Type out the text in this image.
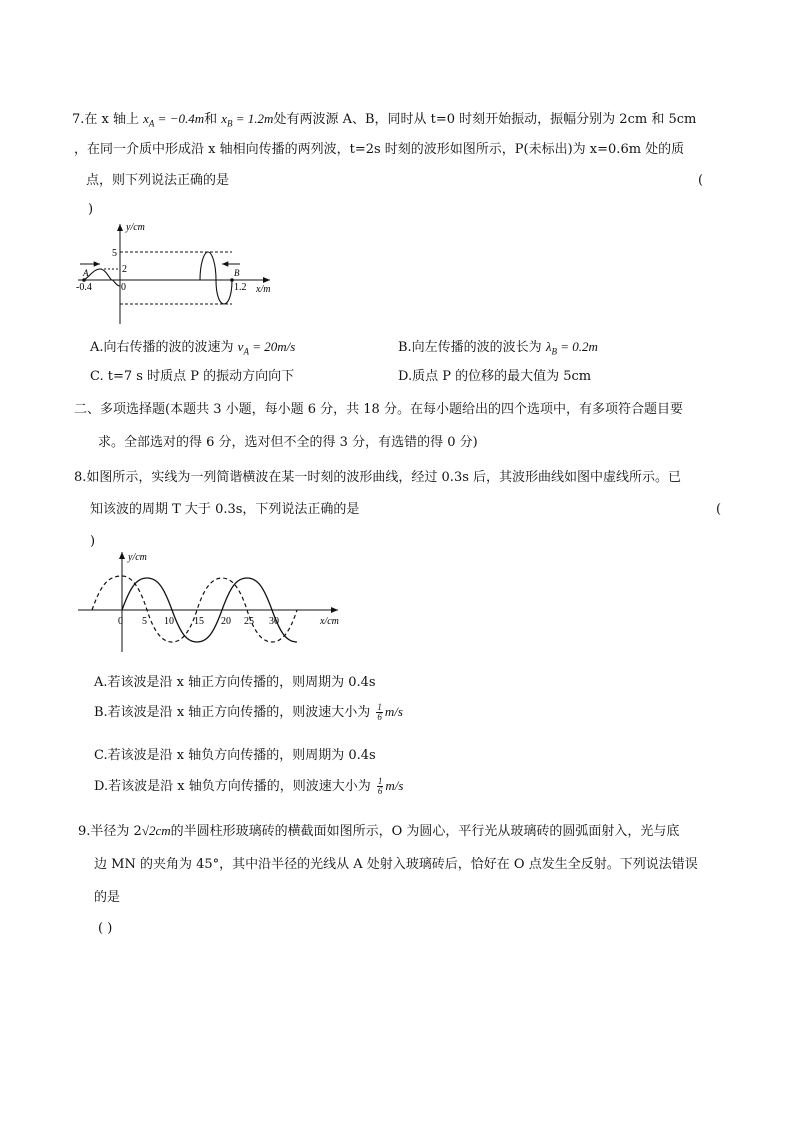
7.在 x 轴上 $x_A = -0.4m$和 $x_B = 1.2m$处有两波源 A、B，同时从 t=0 时刻开始振动，振幅分别为 2cm 和 5cm
，在同一介质中形成沿 x 轴相向传播的两列波，t=2s 时刻的波形如图所示，P(未标出)为 x=0.6m 处的质
点，则下列说法正确的是	(
)
y/cm
x/m
5
2
0
-0.4	1.2
A	B
A.向右传播的波的波速为 $v_A = 20m/s$	B.向左传播的波的波长为 $\lambda_B = 0.2m$
C. t=7 s 时质点 P 的振动方向向下	D.质点 P 的位移的最大值为 5cm
二、多项选择题(本题共 3 小题，每小题 6 分，共 18 分。在每小题给出的四个选项中，有多项符合题目要
求。全部选对的得 6 分，选对但不全的得 3 分，有选错的得 0 分)
8.如图所示，实线为一列简谐横波在某一时刻的波形曲线，经过 0.3s 后，其波形曲线如图中虚线所示。已
知该波的周期 T 大于 0.3s，下列说法正确的是	(
)
y/cm
x/cm
0 5 10 15 20 25 30
A.若该波是沿 x 轴正方向传播的，则周期为 0.4s
B.若该波是沿 x 轴正方向传播的，则波速大小为 $\frac{1}{6} m/s$
C.若该波是沿 x 轴负方向传播的，则周期为 0.4s
D.若该波是沿 x 轴负方向传播的，则波速大小为 $\frac{1}{6} m/s$
9.半径为 2√2cm的半圆柱形玻璃砖的横截面如图所示，O 为圆心，平行光从玻璃砖的圆弧面射入，光与底
边 MN 的夹角为 45°，其中沿半径的光线从 A 处射入玻璃砖后，恰好在 O 点发生全反射。下列说法错误
的是
( )
